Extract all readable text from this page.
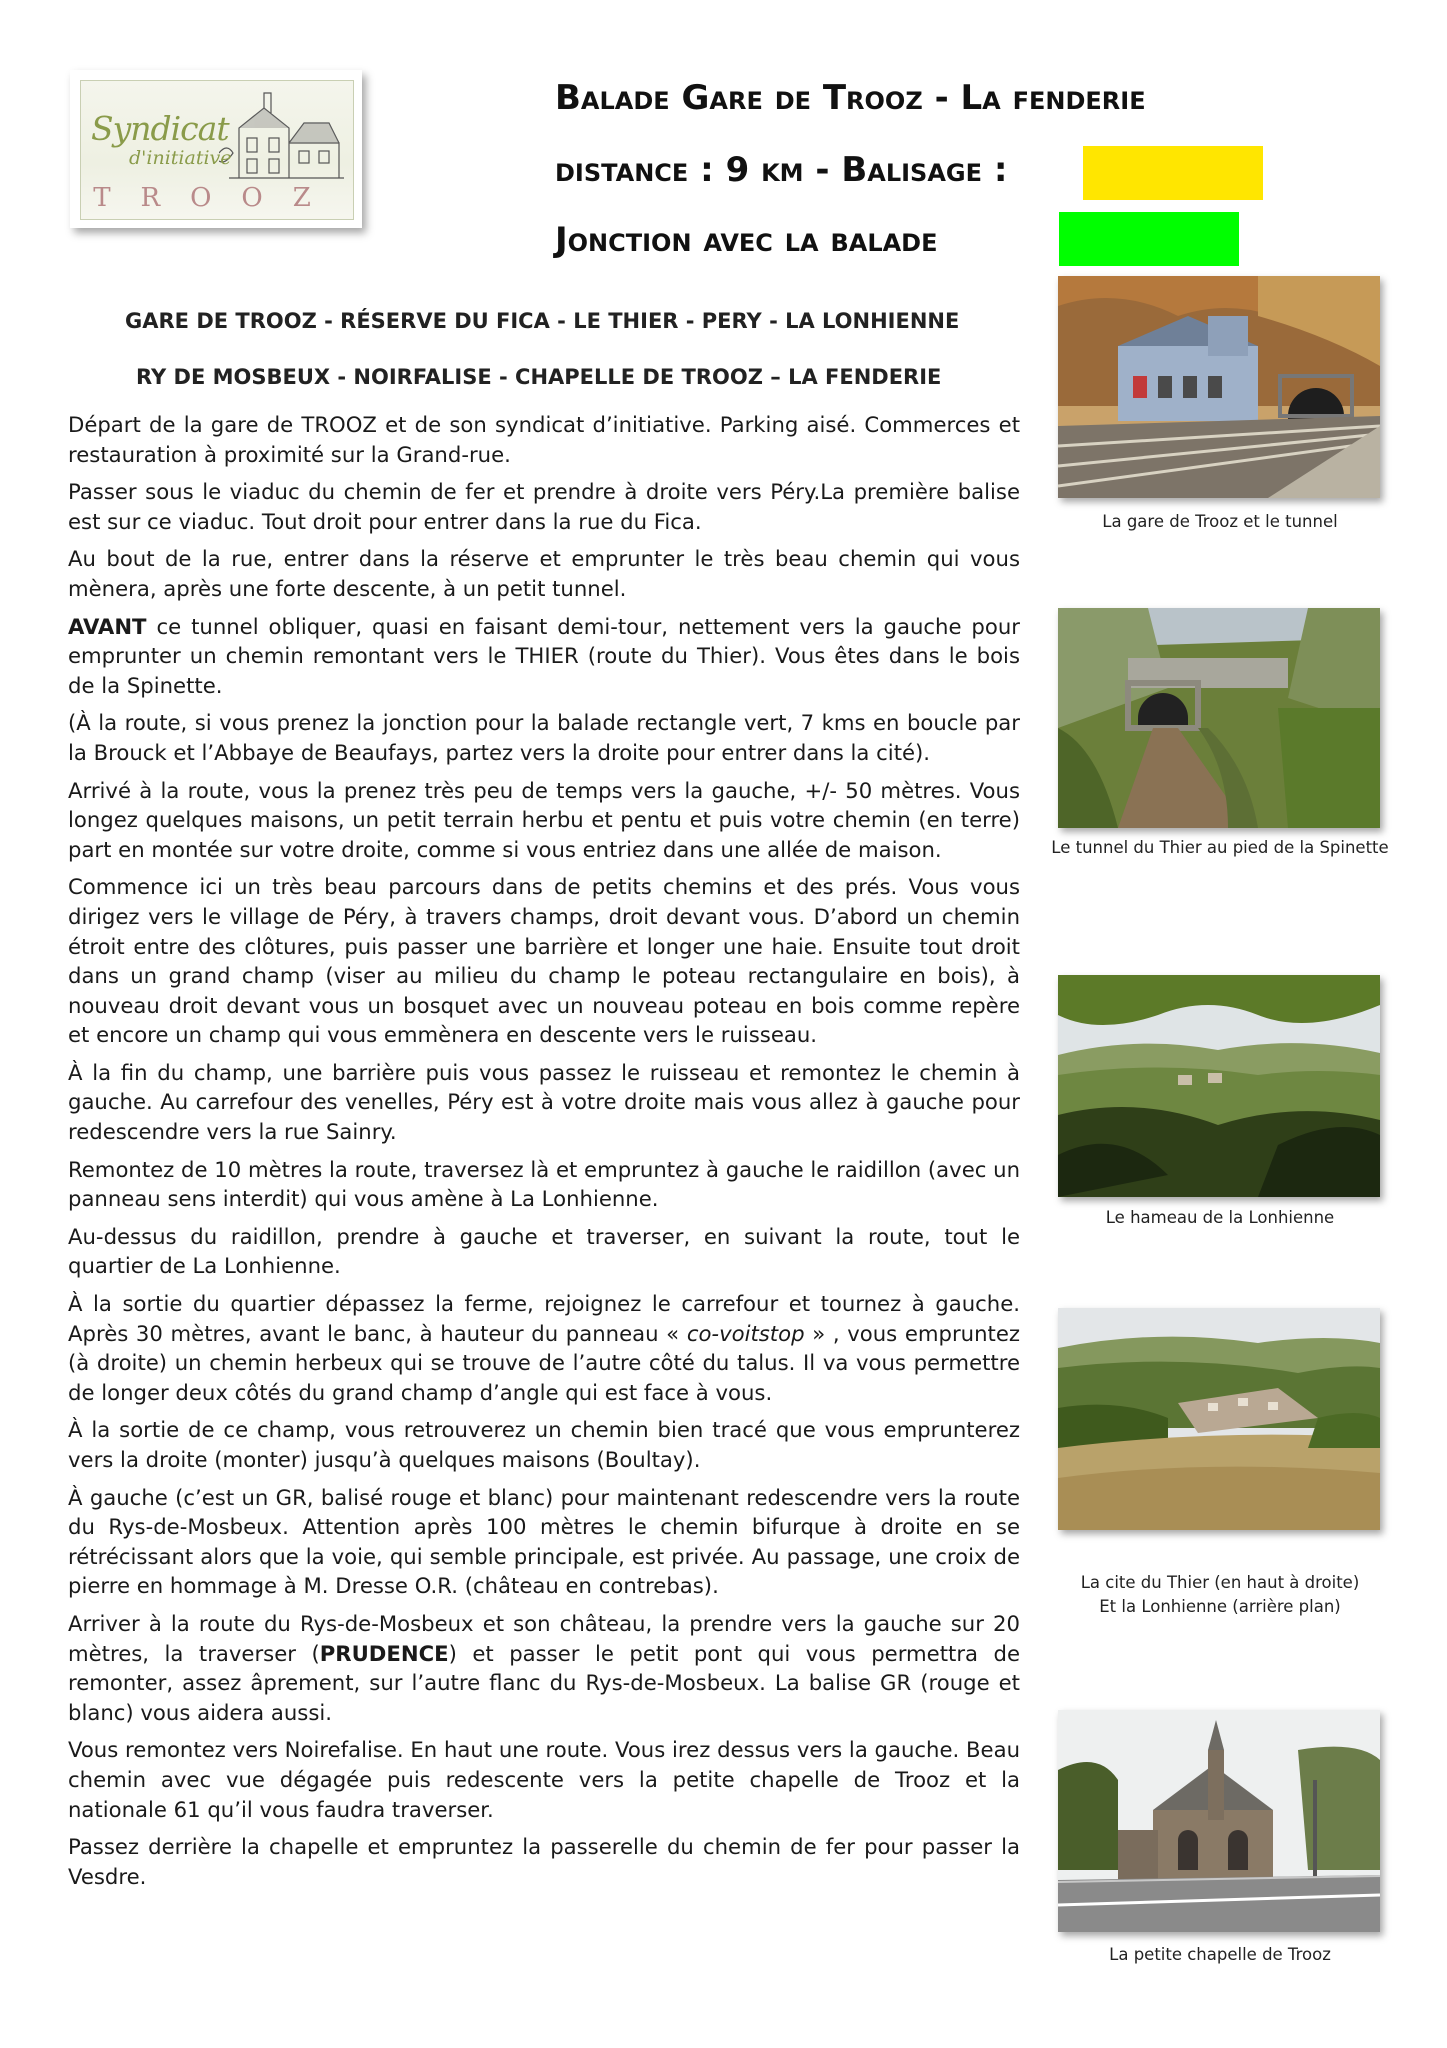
Syndicat
d'initiative
TROOZ
Balade Gare de Trooz - La fenderie
distance : 9 km - Balisage :
Jonction avec la balade
GARE DE TROOZ - RÉSERVE DU FICA - LE THIER - PERY - LA LONHIENNE
RY DE MOSBEUX - NOIRFALISE - CHAPELLE DE TROOZ – LA FENDERIE

Départ de la gare de TROOZ et de son syndicat d’initiative. Parking aisé. Commerces et restauration à proximité sur la Grand-rue.

Passer sous le viaduc du chemin de fer et prendre à droite vers Péry.La première balise est sur ce viaduc. Tout droit pour entrer dans la rue du Fica.

Au bout de la rue, entrer dans la réserve et emprunter le très beau chemin qui vous mènera, après une forte descente, à un petit tunnel.

AVANT ce tunnel obliquer, quasi en faisant demi-tour, nettement vers la gauche pour emprunter un chemin remontant vers le THIER (route du Thier). Vous êtes dans le bois de la Spinette.

(À la route, si vous prenez la jonction pour la balade rectangle vert, 7 kms en boucle par la Brouck et l’Abbaye de Beaufays, partez vers la droite pour entrer dans la cité).

Arrivé à la route, vous la prenez très peu de temps vers la gauche, +/- 50 mètres. Vous longez quelques maisons, un petit terrain herbu et pentu et puis votre chemin (en terre) part en montée sur votre droite, comme si vous entriez dans une allée de maison.

Commence ici un très beau parcours dans de petits chemins et des prés. Vous vous dirigez vers le village de Péry, à travers champs, droit devant vous. D’abord un chemin étroit entre des clôtures, puis passer une barrière et longer une haie. Ensuite tout droit dans un grand champ (viser au milieu du champ le poteau rectangulaire en bois), à nouveau droit devant vous un bosquet avec un nouveau poteau en bois comme repère et encore un champ qui vous emmènera en descente vers le ruisseau.

À la fin du champ, une barrière puis vous passez le ruisseau et remontez le chemin à gauche. Au carrefour des venelles, Péry est à votre droite mais vous allez à gauche pour redescendre vers la rue Sainry.

Remontez de 10 mètres la route, traversez là et empruntez à gauche le raidillon (avec un panneau sens interdit) qui vous amène à La Lonhienne.

Au-dessus du raidillon, prendre à gauche et traverser, en suivant la route, tout le quartier de La Lonhienne.

À la sortie du quartier dépassez la ferme, rejoignez le carrefour et tournez à gauche. Après 30 mètres, avant le banc, à hauteur du panneau « co-voitstop » , vous empruntez (à droite) un chemin herbeux qui se trouve de l’autre côté du talus. Il va vous permettre de longer deux côtés du grand champ d’angle qui est face à vous.

À la sortie de ce champ, vous retrouverez un chemin bien tracé que vous emprunterez vers la droite (monter) jusqu’à quelques maisons (Boultay).

À gauche (c’est un GR, balisé rouge et blanc) pour maintenant redescendre vers la route du Rys-de-Mosbeux. Attention après 100 mètres le chemin bifurque à droite en se rétrécissant alors que la voie, qui semble principale, est privée. Au passage, une croix de pierre en hommage à M. Dresse O.R. (château en contrebas).

Arriver à la route du Rys-de-Mosbeux et son château, la prendre vers la gauche sur 20 mètres, la traverser (PRUDENCE) et passer le petit pont qui vous permettra de remonter, assez âprement, sur l’autre flanc du Rys-de-Mosbeux. La balise GR (rouge et blanc) vous aidera aussi.

Vous remontez vers Noirefalise. En haut une route. Vous irez dessus vers la gauche. Beau chemin avec vue dégagée puis redescente vers la petite chapelle de Trooz et la nationale 61 qu’il vous faudra traverser.

Passez derrière la chapelle et empruntez la passerelle du chemin de fer pour passer la Vesdre.

La gare de Trooz et le tunnel
Le tunnel du Thier au pied de la Spinette
Le hameau de la Lonhienne
La cite du Thier (en haut à droite)
Et la Lonhienne (arrière plan)
La petite chapelle de Trooz
